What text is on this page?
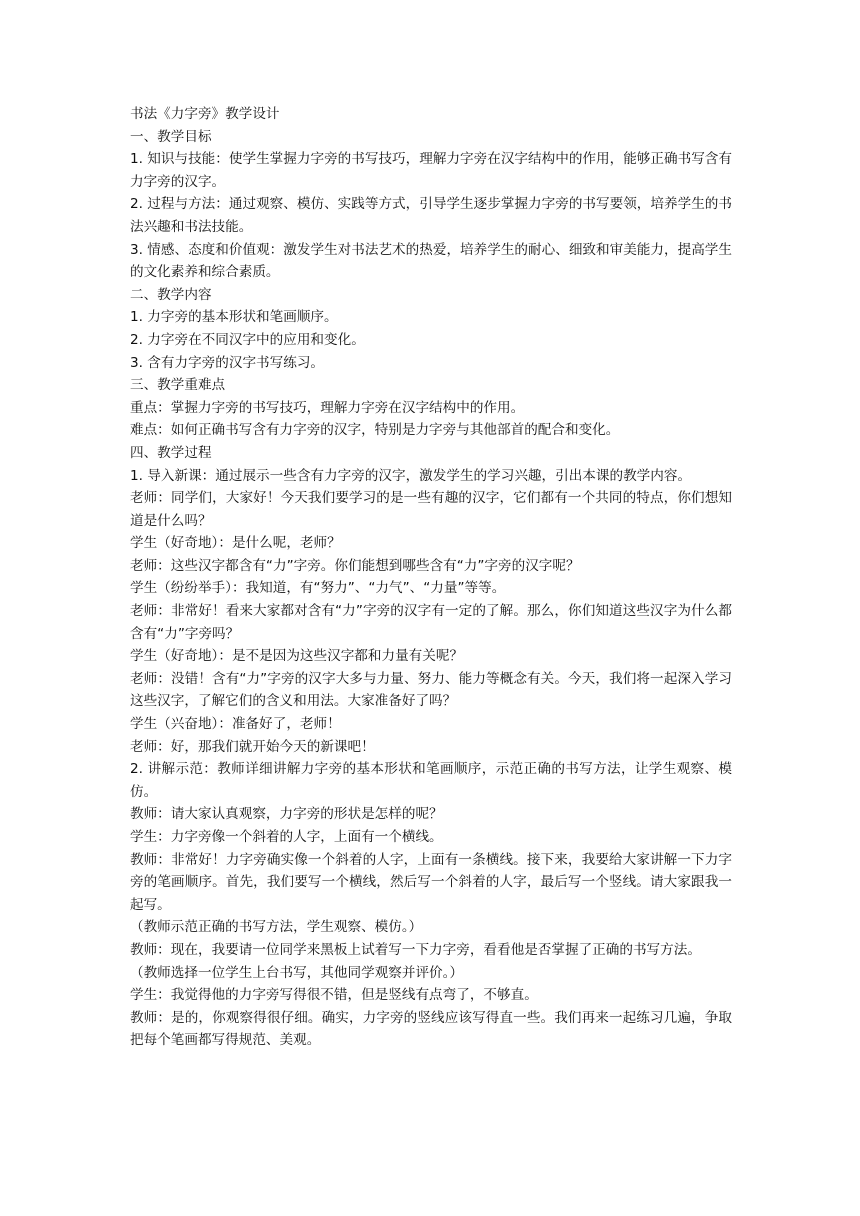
书法《力字旁》教学设计

一、教学目标

1. 知识与技能：使学生掌握力字旁的书写技巧，理解力字旁在汉字结构中的作用，能够正确书写含有力字旁的汉字。

2. 过程与方法：通过观察、模仿、实践等方式，引导学生逐步掌握力字旁的书写要领，培养学生的书法兴趣和书法技能。

3. 情感、态度和价值观：激发学生对书法艺术的热爱，培养学生的耐心、细致和审美能力，提高学生的文化素养和综合素质。

二、教学内容

1. 力字旁的基本形状和笔画顺序。

2. 力字旁在不同汉字中的应用和变化。

3. 含有力字旁的汉字书写练习。

三、教学重难点

重点：掌握力字旁的书写技巧，理解力字旁在汉字结构中的作用。

难点：如何正确书写含有力字旁的汉字，特别是力字旁与其他部首的配合和变化。

四、教学过程

1. 导入新课：通过展示一些含有力字旁的汉字，激发学生的学习兴趣，引出本课的教学内容。

老师：同学们，大家好！今天我们要学习的是一些有趣的汉字，它们都有一个共同的特点，你们想知道是什么吗？

学生（好奇地）：是什么呢，老师？

老师：这些汉字都含有“力”字旁。你们能想到哪些含有“力”字旁的汉字呢？

学生（纷纷举手）：我知道，有“努力”、“力气”、“力量”等等。

老师：非常好！看来大家都对含有“力”字旁的汉字有一定的了解。那么，你们知道这些汉字为什么都含有“力”字旁吗？

学生（好奇地）：是不是因为这些汉字都和力量有关呢？

老师：没错！含有“力”字旁的汉字大多与力量、努力、能力等概念有关。今天，我们将一起深入学习这些汉字，了解它们的含义和用法。大家准备好了吗？

学生（兴奋地）：准备好了，老师！

老师：好，那我们就开始今天的新课吧！

2. 讲解示范：教师详细讲解力字旁的基本形状和笔画顺序，示范正确的书写方法，让学生观察、模仿。

教师：请大家认真观察，力字旁的形状是怎样的呢？

学生：力字旁像一个斜着的人字，上面有一个横线。

教师：非常好！力字旁确实像一个斜着的人字，上面有一条横线。接下来，我要给大家讲解一下力字旁的笔画顺序。首先，我们要写一个横线，然后写一个斜着的人字，最后写一个竖线。请大家跟我一起写。

（教师示范正确的书写方法，学生观察、模仿。）

教师：现在，我要请一位同学来黑板上试着写一下力字旁，看看他是否掌握了正确的书写方法。

（教师选择一位学生上台书写，其他同学观察并评价。）

学生：我觉得他的力字旁写得很不错，但是竖线有点弯了，不够直。

教师：是的，你观察得很仔细。确实，力字旁的竖线应该写得直一些。我们再来一起练习几遍，争取把每个笔画都写得规范、美观。
